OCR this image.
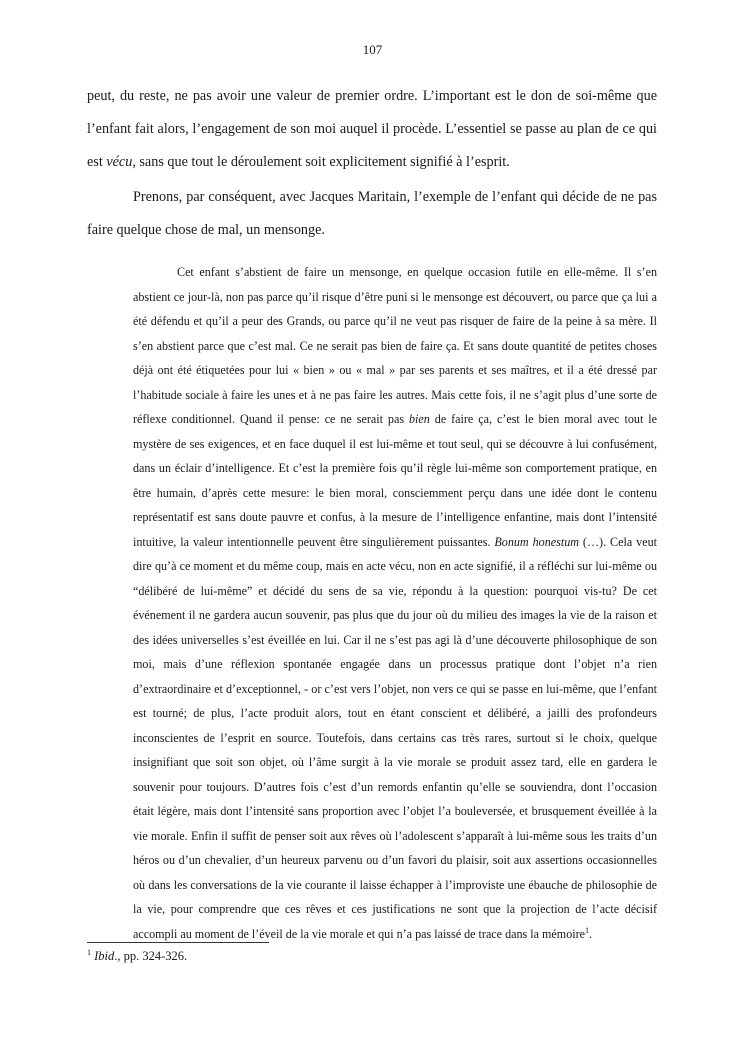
107

peut, du reste, ne pas avoir une valeur de premier ordre. L’important est le don de soi-même que l’enfant fait alors, l’engagement de son moi auquel il procède. L’essentiel se passe au plan de ce qui est vécu, sans que tout le déroulement soit explicitement signifié à l’esprit.

Prenons, par conséquent, avec Jacques Maritain, l’exemple de l’enfant qui décide de ne pas faire quelque chose de mal, un mensonge.

Cet enfant s’abstient de faire un mensonge, en quelque occasion futile en elle-même. Il s’en abstient ce jour-là, non pas parce qu’il risque d’être puni si le mensonge est découvert, ou parce que ça lui a été défendu et qu’il a peur des Grands, ou parce qu’il ne veut pas risquer de faire de la peine à sa mère. Il s’en abstient parce que c’est mal. Ce ne serait pas bien de faire ça. Et sans doute quantité de petites choses déjà ont été étiquetées pour lui « bien » ou « mal » par ses parents et ses maîtres, et il a été dressé par l’habitude sociale à faire les unes et à ne pas faire les autres. Mais cette fois, il ne s’agit plus d’une sorte de réflexe conditionnel. Quand il pense: ce ne serait pas bien de faire ça, c’est le bien moral avec tout le mystère de ses exigences, et en face duquel il est lui-même et tout seul, qui se découvre à lui confusément, dans un éclair d’intelligence. Et c’est la première fois qu’il règle lui-même son comportement pratique, en être humain, d’après cette mesure: le bien moral, consciemment perçu dans une idée dont le contenu représentatif est sans doute pauvre et confus, à la mesure de l’intelligence enfantine, mais dont l’intensité intuitive, la valeur intentionnelle peuvent être singulièrement puissantes. Bonum honestum (…). Cela veut dire qu’à ce moment et du même coup, mais en acte vécu, non en acte signifié, il a réfléchi sur lui-même ou “délibéré de lui-même” et décidé du sens de sa vie, répondu à la question: pourquoi vis-tu? De cet événement il ne gardera aucun souvenir, pas plus que du jour où du milieu des images la vie de la raison et des idées universelles s’est éveillée en lui. Car il ne s’est pas agi là d’une découverte philosophique de son moi, mais d’une réflexion spontanée engagée dans un processus pratique dont l’objet n’a rien d’extraordinaire et d’exceptionnel, - or c’est vers l’objet, non vers ce qui se passe en lui-même, que l’enfant est tourné; de plus, l’acte produit alors, tout en étant conscient et délibéré, a jailli des profondeurs inconscientes de l’esprit en source. Toutefois, dans certains cas très rares, surtout si le choix, quelque insignifiant que soit son objet, où l’âme surgit à la vie morale se produit assez tard, elle en gardera le souvenir pour toujours. D’autres fois c’est d’un remords enfantin qu’elle se souviendra, dont l’occasion était légère, mais dont l’intensité sans proportion avec l’objet l’a bouleversée, et brusquement éveillée à la vie morale. Enfin il suffit de penser soit aux rêves où l’adolescent s’apparaît à lui-même sous les traits d’un héros ou d’un chevalier, d’un heureux parvenu ou d’un favori du plaisir, soit aux assertions occasionnelles où dans les conversations de la vie courante il laisse échapper à l’improviste une ébauche de philosophie de la vie, pour comprendre que ces rêves et ces justifications ne sont que la projection de l’acte décisif accompli au moment de l’éveil de la vie morale et qui n’a pas laissé de trace dans la mémoire$^1$.

$^1$ Ibid., pp. 324-326.
